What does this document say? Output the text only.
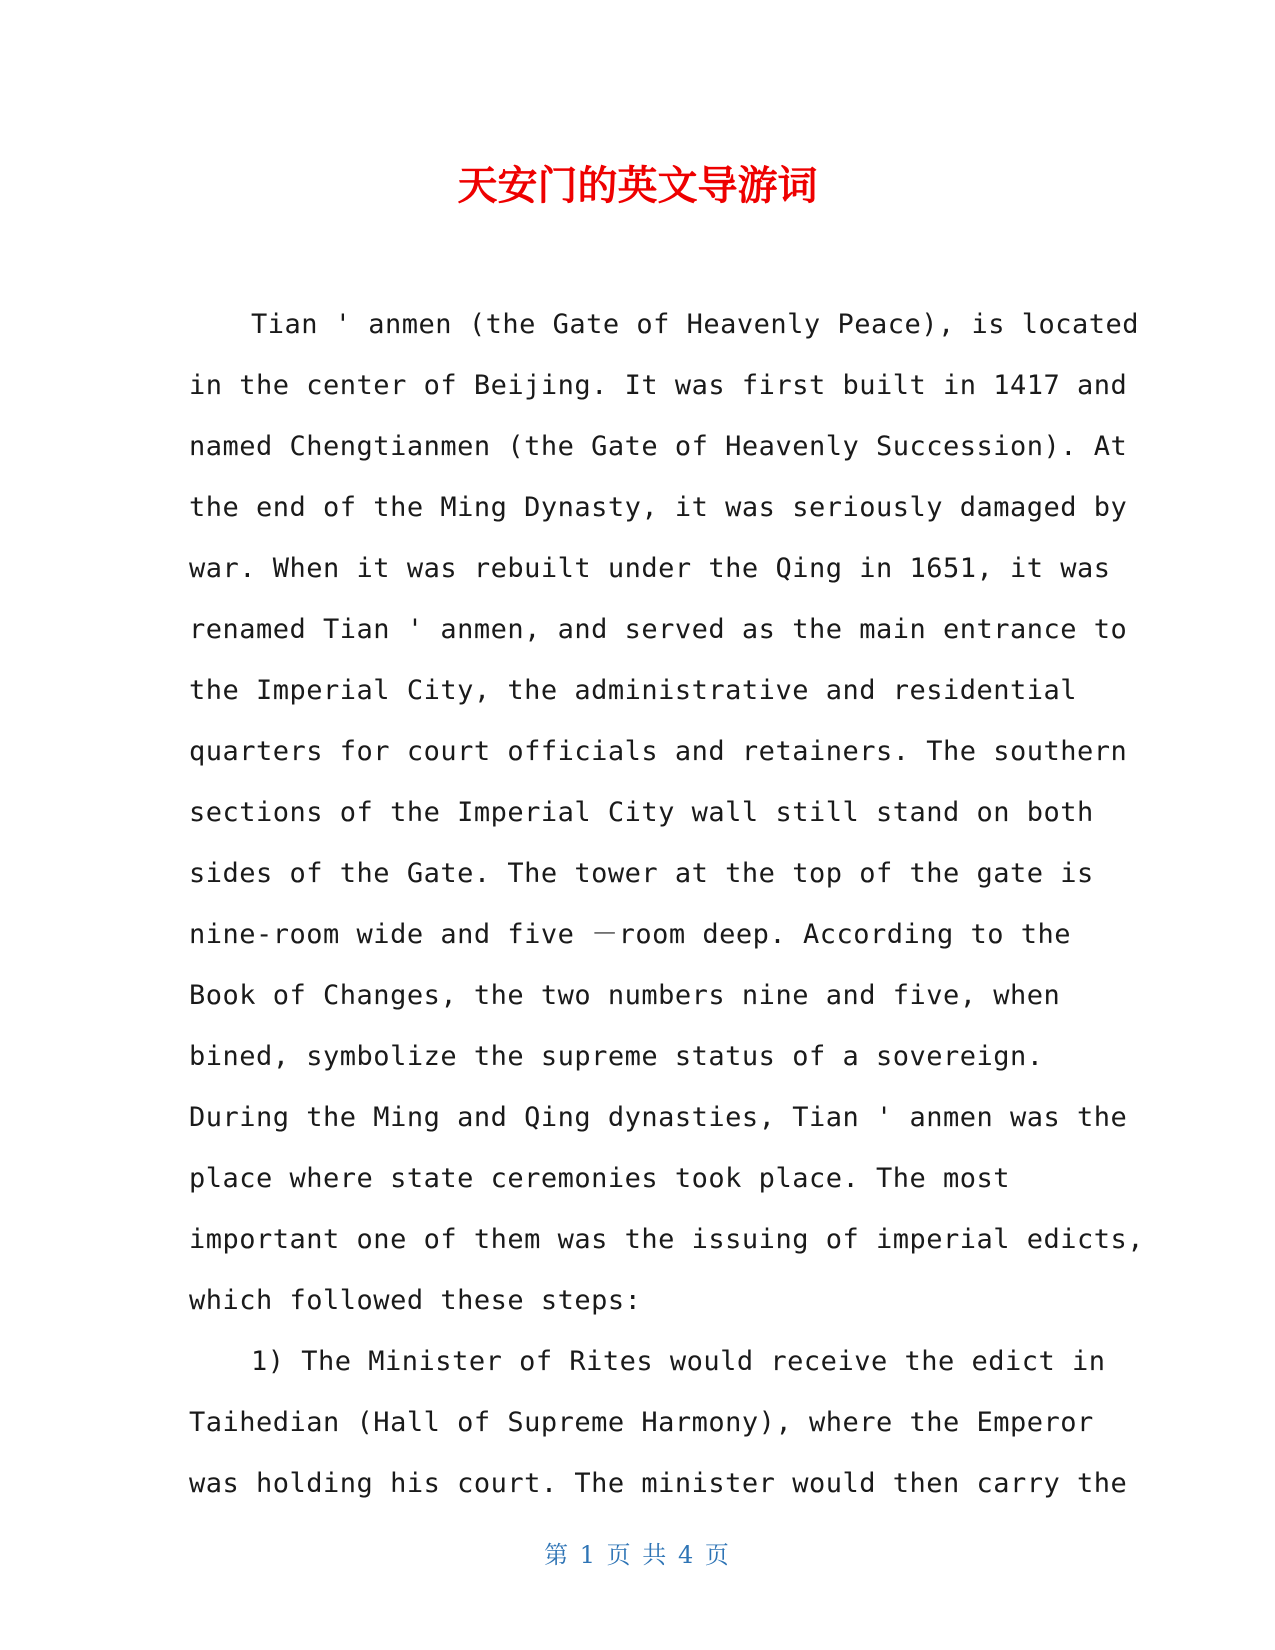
天安门的英文导游词
Tian ' anmen (the Gate of Heavenly Peace), is located
in the center of Beijing. It was first built in 1417 and
named Chengtianmen (the Gate of Heavenly Succession). At
the end of the Ming Dynasty, it was seriously damaged by
war. When it was rebuilt under the Qing in 1651, it was
renamed Tian ' anmen, and served as the main entrance to
the Imperial City, the administrative and residential
quarters for court officials and retainers. The southern
sections of the Imperial City wall still stand on both
sides of the Gate. The tower at the top of the gate is
nine-room wide and five －room deep. According to the
Book of Changes, the two numbers nine and five, when
bined, symbolize the supreme status of a sovereign.
During the Ming and Qing dynasties, Tian ' anmen was the
place where state ceremonies took place. The most
important one of them was the issuing of imperial edicts,
which followed these steps:
1) The Minister of Rites would receive the edict in
Taihedian (Hall of Supreme Harmony), where the Emperor
was holding his court. The minister would then carry the
第 1 页 共 4 页
